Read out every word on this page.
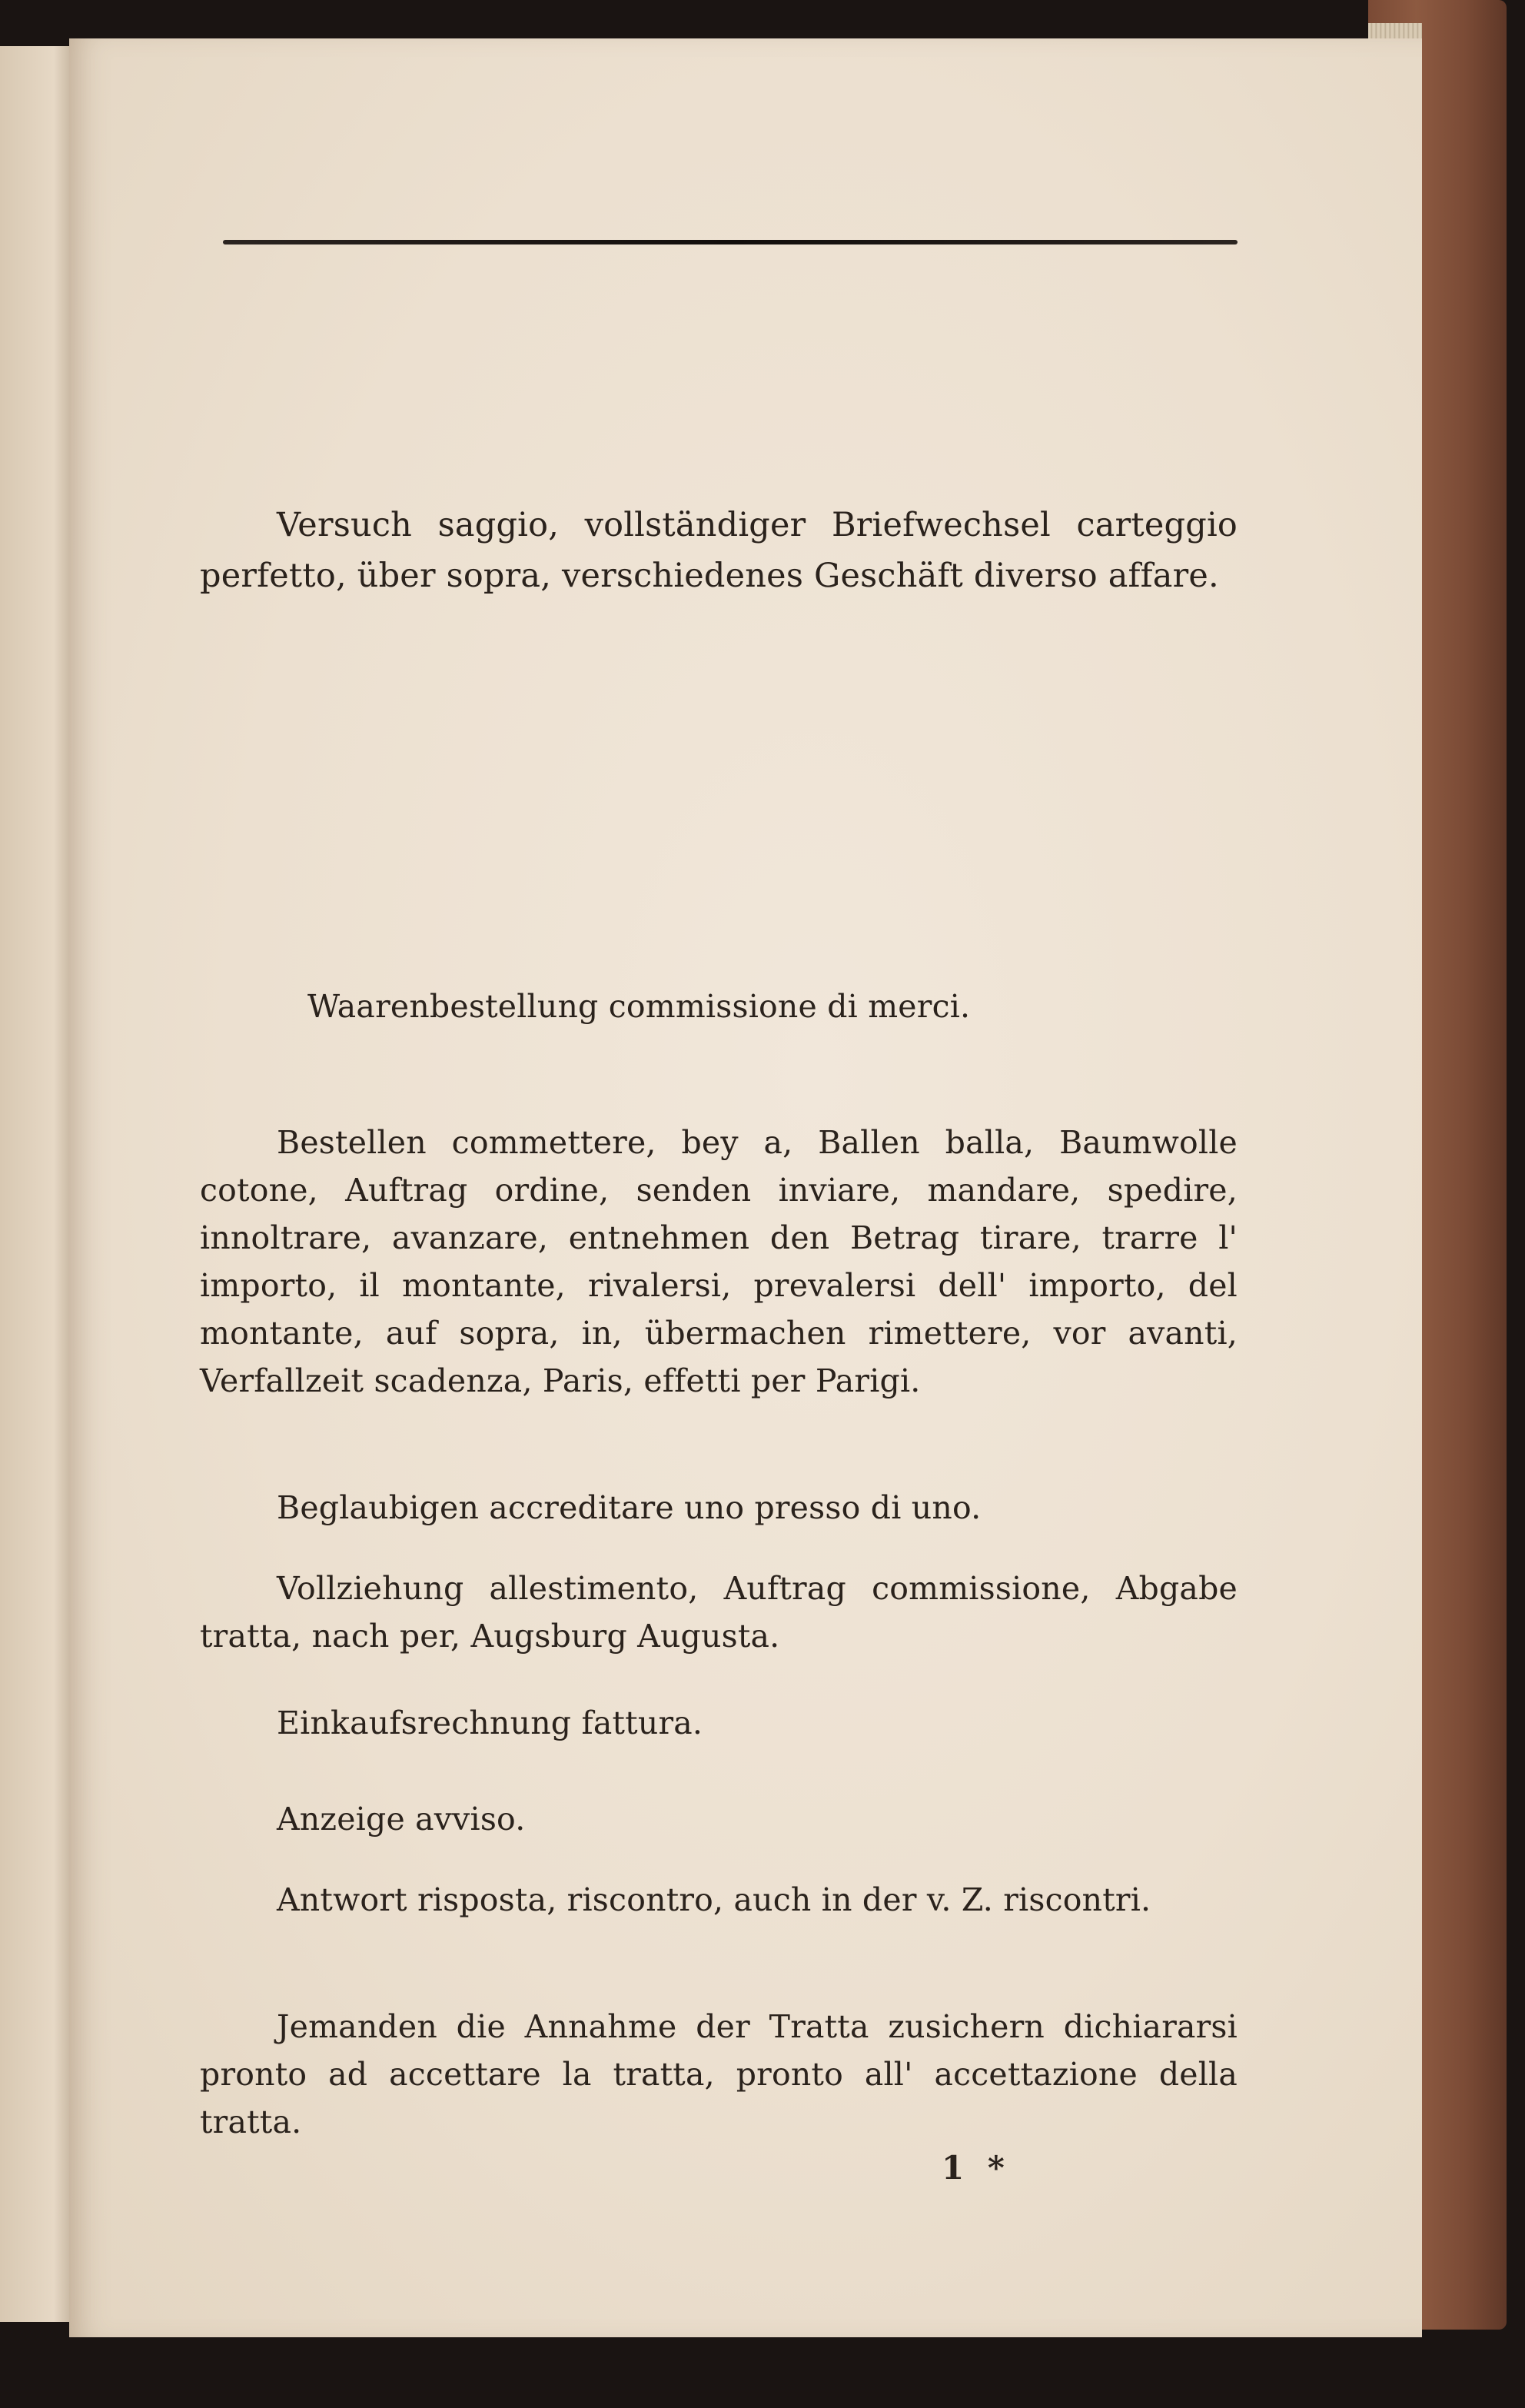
Versuch saggio, vollständiger Briefwechsel carteggio perfetto, über sopra, verschiedenes Geschäft diverso affare.

Waarenbestellung commissione di merci.

Bestellen commettere, bey a, Ballen balla, Baumwolle cotone, Auftrag ordine, senden inviare, mandare, spedire, innoltrare, avanzare, entnehmen den Betrag tirare, trarre l' importo, il montante, rivalersi, prevalersi dell' importo, del montante, auf sopra, in, übermachen rimettere, vor avanti, Verfallzeit scadenza, Paris, effetti per Parigi.

Beglaubigen accreditare uno presso di uno.

Vollziehung allestimento, Auftrag commissione, Abgabe tratta, nach per, Augsburg Augusta.

Einkaufsrechnung fattura.

Anzeige avviso.

Antwort risposta, riscontro, auch in der v. Z. riscontri.

Jemanden die Annahme der Tratta zusichern dichiararsi pronto ad accettare la tratta, pronto all' accettazione della tratta.

1 *
